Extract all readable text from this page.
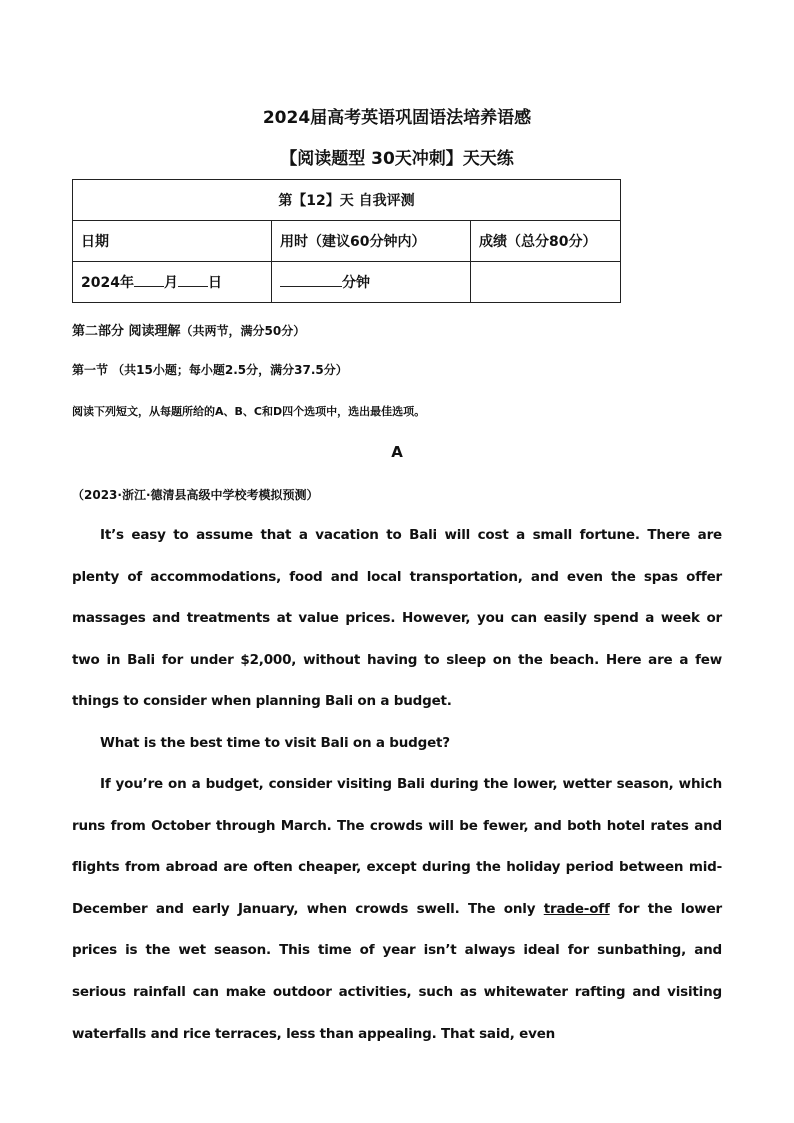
2024届高考英语巩固语法培养语感
【阅读题型 30天冲刺】天天练
第【12】天 自我评测		
日期	用时（建议60分钟内）	成绩（总分80分）
2024年 月 日	分钟	
第二部分 阅读理解（共两节，满分50分）
第一节 （共15小题；每小题2.5分，满分37.5分）
阅读下列短文，从每题所给的A、B、C和D四个选项中，选出最佳选项。
A
（2023·浙江·德清县高级中学校考模拟预测）

It’s easy to assume that a vacation to Bali will cost a small fortune. There are plenty of accommodations, food and local transportation, and even the spas offer massages and treatments at value prices. However, you can easily spend a week or two in Bali for under $2,000, without having to sleep on the beach. Here are a few things to consider when planning Bali on a budget.

What is the best time to visit Bali on a budget?

If you’re on a budget, consider visiting Bali during the lower, wetter season, which runs from October through March. The crowds will be fewer, and both hotel rates and flights from abroad are often cheaper, except during the holiday period between mid-December and early January, when crowds swell. The only trade-off for the lower prices is the wet season. This time of year isn’t always ideal for sunbathing, and serious rainfall can make outdoor activities, such as whitewater rafting and visiting waterfalls and rice terraces, less than appealing. That said, even
